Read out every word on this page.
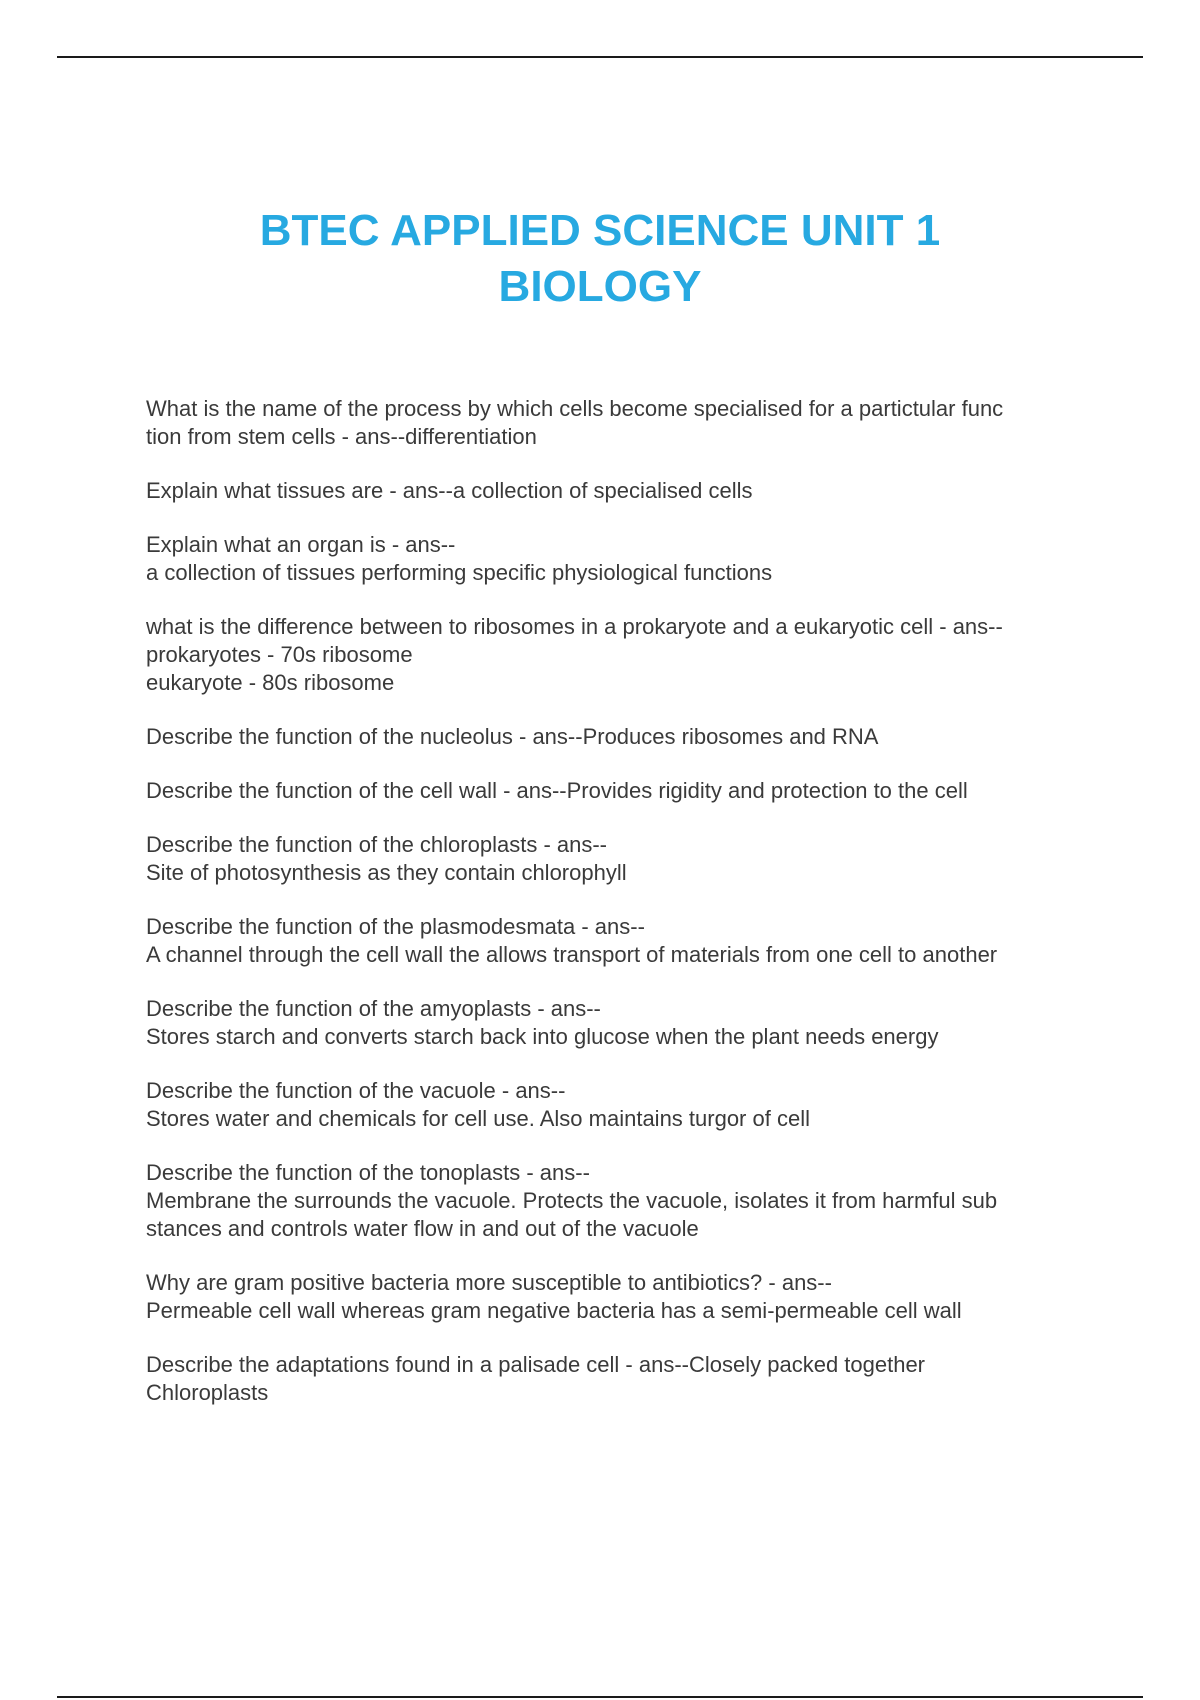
BTEC APPLIED SCIENCE UNIT 1
BIOLOGY
What is the name of the process by which cells become specialised for a partictular func
tion from stem cells - ans--differentiation
Explain what tissues are - ans--a collection of specialised cells
Explain what an organ is - ans--
a collection of tissues performing specific physiological functions
what is the difference between to ribosomes in a prokaryote and a eukaryotic cell - ans--
prokaryotes - 70s ribosome
eukaryote - 80s ribosome
Describe the function of the nucleolus - ans--Produces ribosomes and RNA
Describe the function of the cell wall - ans--Provides rigidity and protection to the cell
Describe the function of the chloroplasts - ans--
Site of photosynthesis as they contain chlorophyll
Describe the function of the plasmodesmata - ans--
A channel through the cell wall the allows transport of materials from one cell to another
Describe the function of the amyoplasts - ans--
Stores starch and converts starch back into glucose when the plant needs energy
Describe the function of the vacuole - ans--
Stores water and chemicals for cell use. Also maintains turgor of cell
Describe the function of the tonoplasts - ans--
Membrane the surrounds the vacuole. Protects the vacuole, isolates it from harmful sub
stances and controls water flow in and out of the vacuole
Why are gram positive bacteria more susceptible to antibiotics? - ans--
Permeable cell wall whereas gram negative bacteria has a semi-permeable cell wall
Describe the adaptations found in a palisade cell - ans--Closely packed together
Chloroplasts
